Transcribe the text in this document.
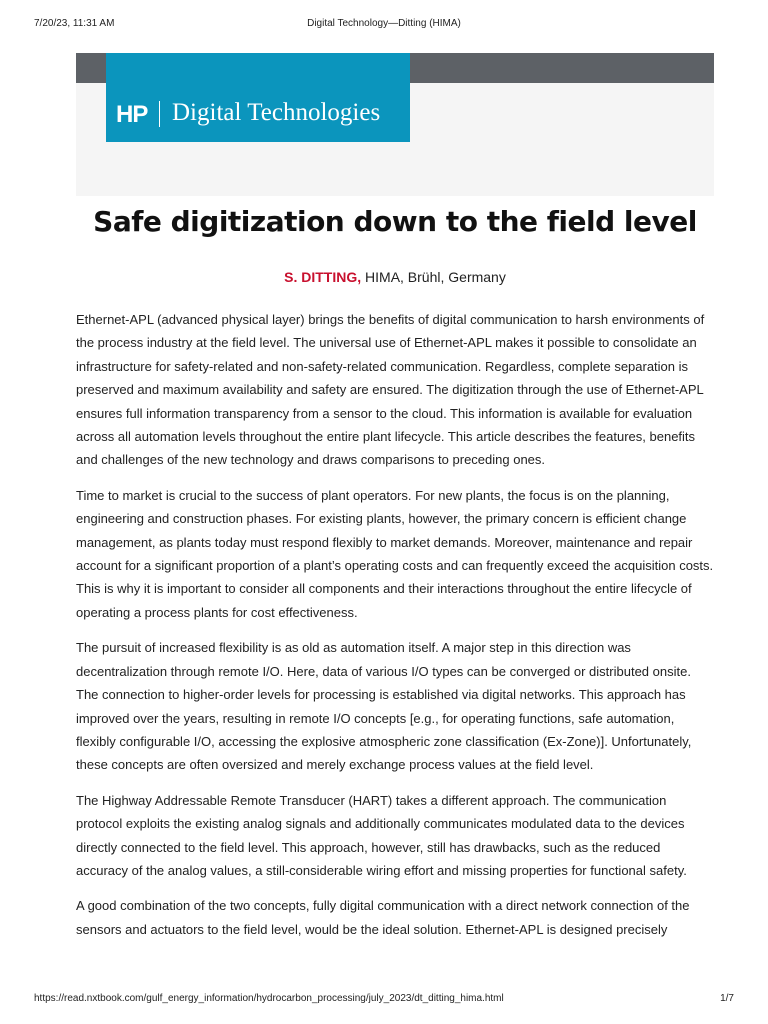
7/20/23, 11:31 AM	Digital Technology—Ditting (HIMA)
HP Digital Technologies
Safe digitization down to the field level
S. DITTING, HIMA, Brühl, Germany

Ethernet-APL (advanced physical layer) brings the benefits of digital communication to harsh environments of the process industry at the field level. The universal use of Ethernet-APL makes it possible to consolidate an infrastructure for safety-related and non-safety-related communication. Regardless, complete separation is preserved and maximum availability and safety are ensured. The digitization through the use of Ethernet-APL ensures full information transparency from a sensor to the cloud. This information is available for evaluation across all automation levels throughout the entire plant lifecycle. This article describes the features, benefits and challenges of the new technology and draws comparisons to preceding ones.

Time to market is crucial to the success of plant operators. For new plants, the focus is on the planning, engineering and construction phases. For existing plants, however, the primary concern is efficient change management, as plants today must respond flexibly to market demands. Moreover, maintenance and repair account for a significant proportion of a plant’s operating costs and can frequently exceed the acquisition costs. This is why it is important to consider all components and their interactions throughout the entire lifecycle of operating a process plants for cost effectiveness.

The pursuit of increased flexibility is as old as automation itself. A major step in this direction was decentralization through remote I/O. Here, data of various I/O types can be converged or distributed onsite. The connection to higher-order levels for processing is established via digital networks. This approach has improved over the years, resulting in remote I/O concepts [e.g., for operating functions, safe automation, flexibly configurable I/O, accessing the explosive atmospheric zone classification (Ex-Zone)]. Unfortunately, these concepts are often oversized and merely exchange process values at the field level.

The Highway Addressable Remote Transducer (HART) takes a different approach. The communication protocol exploits the existing analog signals and additionally communicates modulated data to the devices directly connected to the field level. This approach, however, still has drawbacks, such as the reduced accuracy of the analog values, a still-considerable wiring effort and missing properties for functional safety.

A good combination of the two concepts, fully digital communication with a direct network connection of the sensors and actuators to the field level, would be the ideal solution. Ethernet-APL is designed precisely

https://read.nxtbook.com/gulf_energy_information/hydrocarbon_processing/july_2023/dt_ditting_hima.html	1/7
